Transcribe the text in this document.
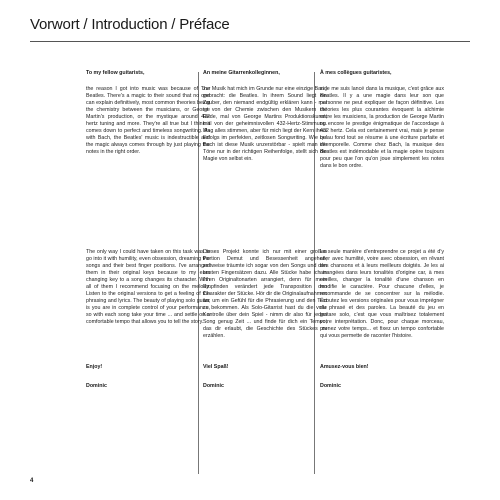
Vorwort / Introduction / Préface

To my fellow guitarists,

the reason I got into music was because of The Beatles. There's a magic to their sound that no one can explain definitively, most common theories being the chemistry between the musicians, or George Martin's production, or the mystique around 432 hertz tuning and more. They're all true but I think it comes down to perfect and timeless songwriting. As with Bach, the Beatles' music is indestructible and the magic always comes through by just playing the notes in the right order.

The only way I could have taken on this task was to go into it with humility, even obsession, dreaming the songs and their best finger positions. I've arranged them in their original keys because to my ears changing key to a song changes its character. With all of them I recommend focusing on the melody. Listen to the original versions to get a feeling of the phrasing and lyrics. The beauty of playing solo guitar is you are in complete control of your performance, so with each song take your time ... and settle on a comfortable tempo that allows you to tell the story.

Enjoy!

Dominic

An meine Gitarrenkolleginnen,

zur Musik hat mich im Grunde nur eine einzige Band gebracht: die Beatles. In ihrem Sound liegt ein Zauber, den niemand endgültig erklären kann - mal ist von der Chemie zwischen den Musikern die Rede, mal von George Martins Produktionskunst, mal von der geheimnisvollen 432-Hertz-Stimmung. Mag alles stimmen, aber für mich liegt der Kern ihres Erfolgs im perfekten, zeitlosen Songwriting. Wie bei Bach ist diese Musik unzerstörbar - spielt man die Töne nur in der richtigen Reihenfolge, stellt sich die Magie von selbst ein.

Dieses Projekt konnte ich nur mit einer großen Portion Demut und Besessenheit angehen; zeitweise träumte ich sogar von den Songs und den besten Fingersätzen dazu. Alle Stücke habe ich in ihren Originaltonarten arrangiert, denn für mein Empfinden verändert jede Transposition den Charakter der Stücke. Hör dir die Originalaufnahmen an, um ein Gefühl für die Phrasierung und den Text zu bekommen. Als Solo-Gitarrist hast du die volle Kontrolle über dein Spiel - nimm dir also für jeden Song genug Zeit ... und finde für dich ein Tempo, das dir erlaubt, die Geschichte des Stückes zu erzählen.

Viel Spaß!

Dominic

À mes collègues guitaristes,

si je me suis lancé dans la musique, c'est grâce aux Beatles. Il y a une magie dans leur son que personne ne peut expliquer de façon définitive. Les théories les plus courantes évoquent la alchimie entre les musiciens, la production de George Martin ou encore le prestige énigmatique de l'accordage à 432 hertz. Cela est certainement vrai, mais je pense qu'au fond tout se résume à une écriture parfaite et intemporelle. Comme chez Bach, la musique des Beatles est indémodable et la magie opère toujours pour peu que l'on qu'on joue simplement les notes dans le bon ordre.

La seule manière d'entreprendre ce projet a été d'y aller avec humilité, voire avec obsession, en rêvant des chansons et à leurs meilleurs doigtés. Je les ai arrangées dans leurs tonalités d'origine car, à mes oreilles, changer la tonalité d'une chanson en modifie le caractère. Pour chacune d'elles, je recommande de se concentrer sur la mélodie. Écoutez les versions originales pour vous imprégner du phrasé et des paroles. La beauté du jeu en guitare solo, c'est que vous maîtrisez totalement votre interprétation. Donc, pour chaque morceau, prenez votre temps... et fixez un tempo confortable qui vous permette de raconter l'histoire.

Amusez-vous bien!

Dominic

4
